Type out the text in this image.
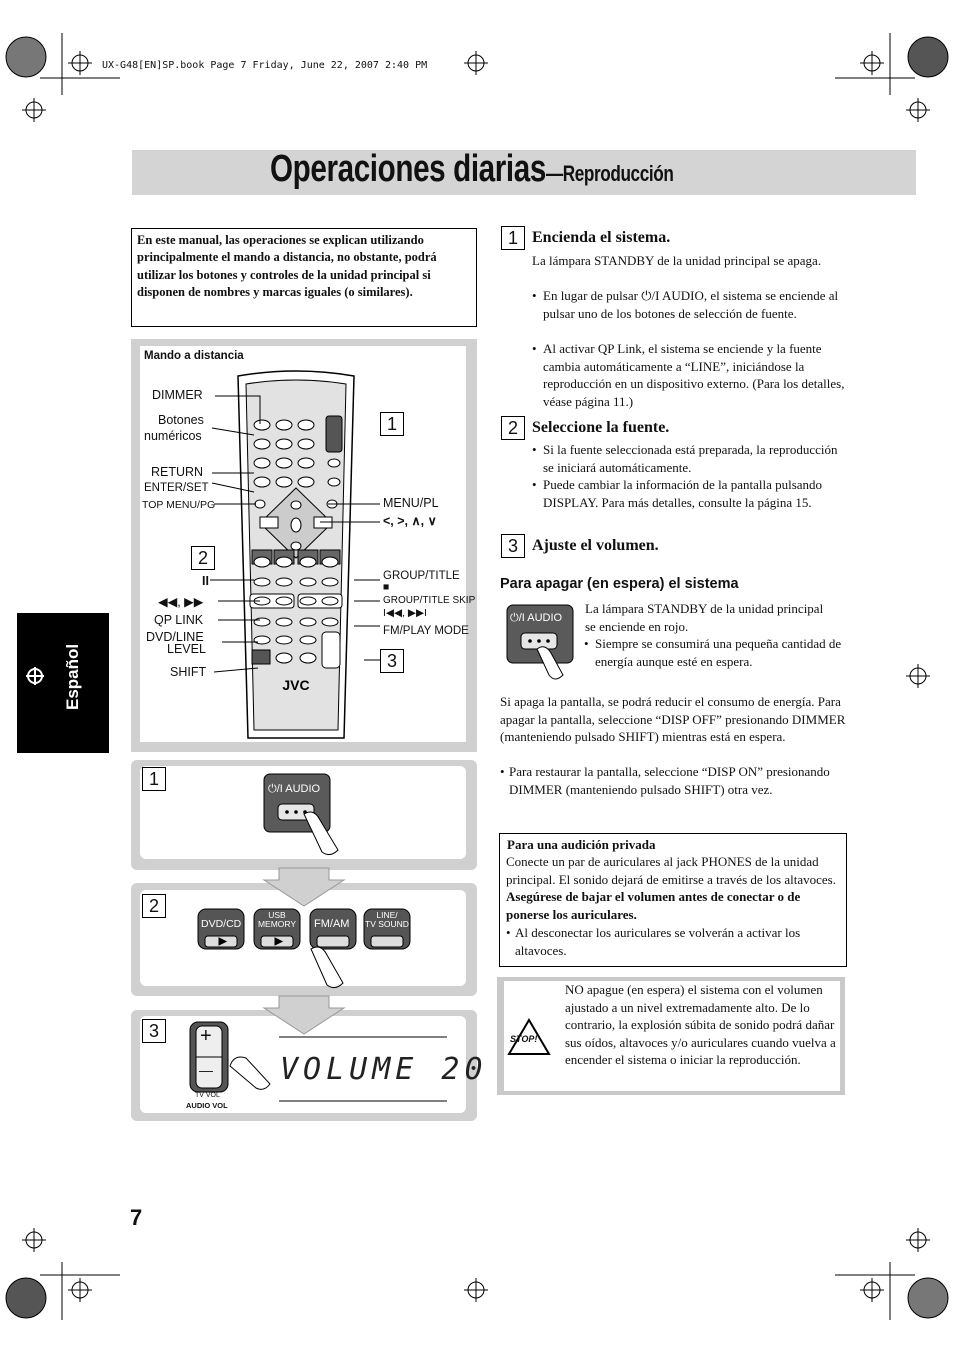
UX-G48[EN]SP.book Page 7 Friday, June 22, 2007 2:40 PM
Operaciones diarias—Reproducción
Español
En este manual, las operaciones se explican utilizando principalmente el mando a distancia, no obstante, podrá utilizar los botones y controles de la unidad principal si disponen de nombres y marcas iguales (o similares).
Mando a distancia
JVC
DIMMER
Botones
numéricos
RETURN
ENTER/SET
TOP MENU/PG
II
◀◀, ▶▶
QP LINK
DVD/LINE
LEVEL
SHIFT
MENU/PL
<, >, ∧, ∨
GROUP/TITLE
■
GROUP/TITLE SKIP
I◀◀, ▶▶I
FM/PLAY MODE
1
2
3
1	⏻/I AUDIO
2
DVD/CD
USB
MEMORY	FM/AM
LINE/
TV SOUND
3	+
—
TV VOL
AUDIO VOL
VOLUME 20
1 Encienda el sistema.
La lámpara STANDBY de la unidad principal se apaga.
• En lugar de pulsar ⏻/I AUDIO, el sistema se enciende al pulsar uno de los botones de selección de fuente.
• Al activar QP Link, el sistema se enciende y la fuente cambia automáticamente a “LINE”, iniciándose la reproducción en un dispositivo externo. (Para los detalles, véase página 11.)
2 Seleccione la fuente.
• Si la fuente seleccionada está preparada, la reproducción se iniciará automáticamente.
• Puede cambiar la información de la pantalla pulsando DISPLAY. Para más detalles, consulte la página 15.
3 Ajuste el volumen.
Para apagar (en espera) el sistema
⏻/I AUDIO
La lámpara STANDBY de la unidad principal se enciende en rojo.
• Siempre se consumirá una pequeña cantidad de energía aunque esté en espera.
Si apaga la pantalla, se podrá reducir el consumo de energía. Para apagar la pantalla, seleccione “DISP OFF” presionando DIMMER (manteniendo pulsado SHIFT) mientras está en espera.
• Para restaurar la pantalla, seleccione “DISP ON” presionando DIMMER (manteniendo pulsado SHIFT) otra vez.
Para una audición privada
Conecte un par de auriculares al jack PHONES de la unidad principal. El sonido dejará de emitirse a través de los altavoces. Asegúrese de bajar el volumen antes de conectar o de ponerse los auriculares.
• Al desconectar los auriculares se volverán a activar los altavoces.
STOP!
NO apague (en espera) el sistema con el volumen ajustado a un nivel extremadamente alto. De lo contrario, la explosión súbita de sonido podrá dañar sus oídos, altavoces y/o auriculares cuando vuelva a encender el sistema o iniciar la reproducción.
7
